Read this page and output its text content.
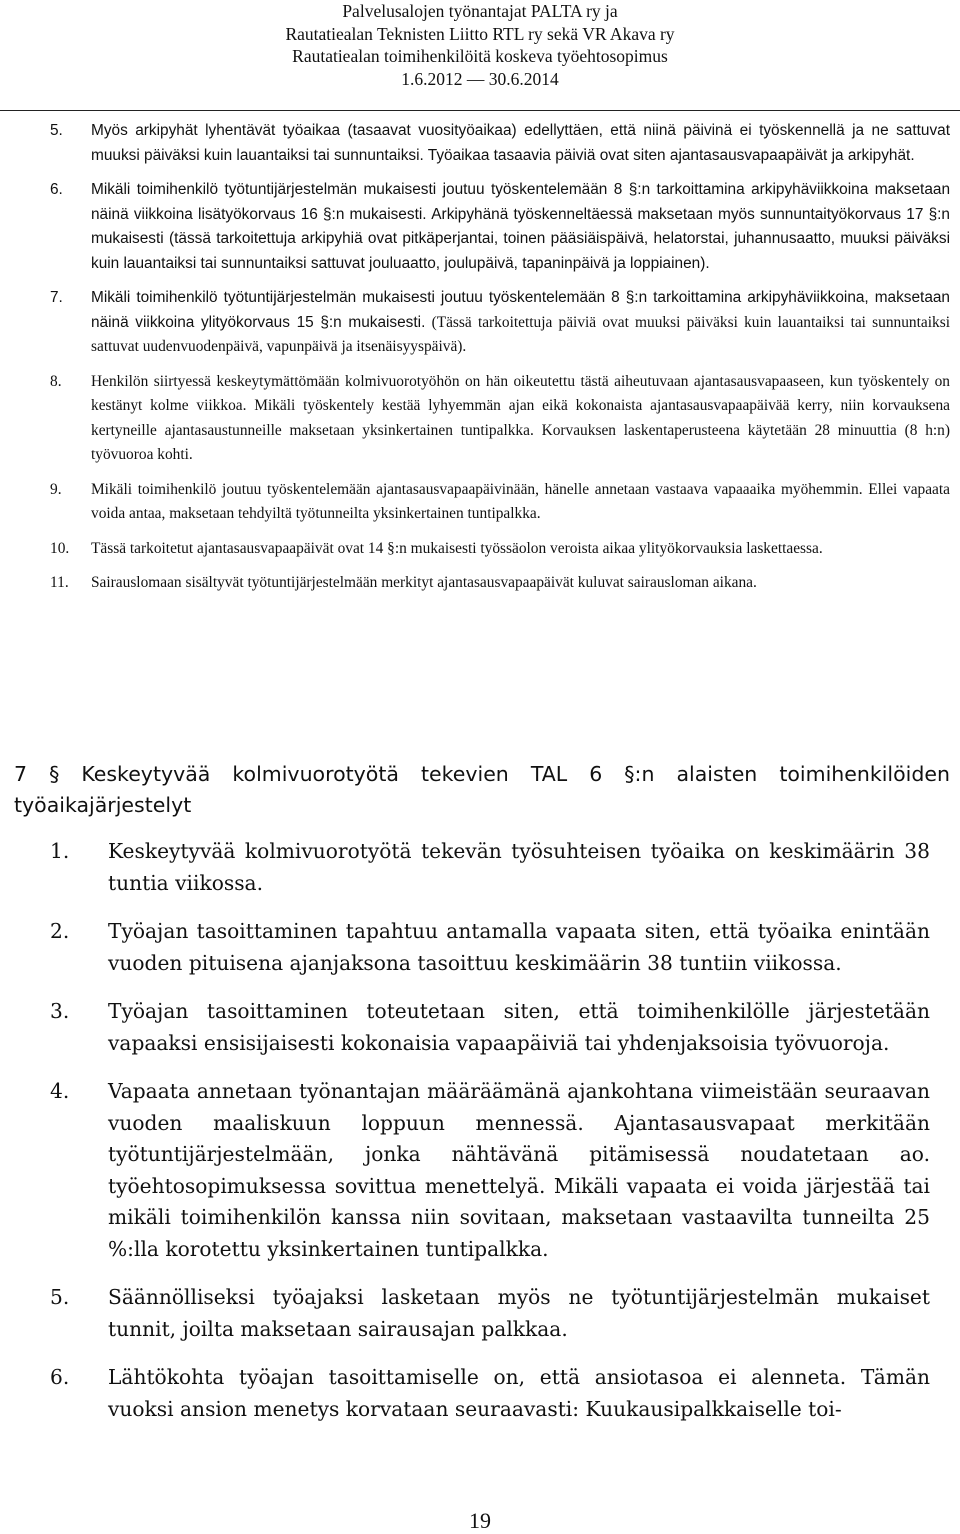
Palvelusalojen työnantajat PALTA ry ja
Rautatiealan Teknisten Liitto RTL ry sekä VR Akava ry
Rautatiealan toimihenkilöitä koskeva työehtosopimus
1.6.2012 ― 30.6.2014
5. Myös arkipyhät lyhentävät työaikaa (tasaavat vuosityöaikaa) edellyttäen, että niinä päivinä ei työskennellä ja ne sattuvat muuksi päiväksi kuin lauantaiksi tai sunnuntaiksi. Työaikaa tasaavia päiviä ovat siten ajantasausvapaapäivät ja arkipyhät.
6. Mikäli toimihenkilö työtuntijärjestelmän mukaisesti joutuu työskentelemään 8 §:n tarkoittamina arkipyhäviikkoina maksetaan näinä viikkoina lisätyökorvaus 16 §:n mukaisesti. Arkipyhänä työskenneltäessä maksetaan myös sunnuntaityökorvaus 17 §:n mukaisesti (tässä tarkoitettuja arkipyhiä ovat pitkäperjantai, toinen pääsiäispäivä, helatorstai, juhannusaatto, muuksi päiväksi kuin lauantaiksi tai sunnuntaiksi sattuvat jouluaatto, joulupäivä, tapaninpäivä ja loppiainen).
7. Mikäli toimihenkilö työtuntijärjestelmän mukaisesti joutuu työskentelemään 8 §:n tarkoittamina arkipyhäviikkoina, maksetaan näinä viikkoina ylityökorvaus 15 §:n mukaisesti. (Tässä tarkoitettuja päiviä ovat muuksi päiväksi kuin lauantaiksi tai sunnuntaiksi sattuvat uudenvuodenpäivä, vapunpäivä ja itsenäisyyspäivä).
8. Henkilön siirtyessä keskeytymättömään kolmivuorotyöhön on hän oikeutettu tästä aiheutuvaan ajantasausvapaaseen, kun työskentely on kestänyt kolme viikkoa. Mikäli työskentely kestää lyhyemmän ajan eikä kokonaista ajantasausvapaapäivää kerry, niin korvauksena kertyneille ajantasaustunneille maksetaan yksinkertainen tuntipalkka. Korvauksen laskentaperusteena käytetään 28 minuuttia (8 h:n) työvuoroa kohti.
9. Mikäli toimihenkilö joutuu työskentelemään ajantasausvapaapäivinään, hänelle annetaan vastaava vapaaaika myöhemmin. Ellei vapaata voida antaa, maksetaan tehdyiltä työtunneilta yksinkertainen tuntipalkka.
10. Tässä tarkoitetut ajantasausvapaapäivät ovat 14 §:n mukaisesti työssäolon veroista aikaa ylityökorvauksia laskettaessa.
11. Sairauslomaan sisältyvät työtuntijärjestelmään merkityt ajantasausvapaapäivät kuluvat sairausloman aikana.
7 § Keskeytyvää kolmivuorotyötä tekevien TAL 6 §:n alaisten toimihenkilöiden työaikajärjestelyt
1. Keskeytyvää kolmivuorotyötä tekevän työsuhteisen työaika on keskimäärin 38 tuntia viikossa.
2. Työajan tasoittaminen tapahtuu antamalla vapaata siten, että työaika enintään vuoden pituisena ajanjaksona tasoittuu keskimäärin 38 tuntiin viikossa.
3. Työajan tasoittaminen toteutetaan siten, että toimihenkilölle järjestetään vapaaksi ensisijaisesti kokonaisia vapaapäiviä tai yhdenjaksoisia työvuoroja.
4. Vapaata annetaan työnantajan määräämänä ajankohtana viimeistään seuraavan vuoden maaliskuun loppuun mennessä. Ajantasausvapaat merkitään työtuntijärjestelmään, jonka nähtävänä pitämisessä noudatetaan ao. työehtosopimuksessa sovittua menettelyä. Mikäli vapaata ei voida järjestää tai mikäli toimihenkilön kanssa niin sovitaan, maksetaan vastaavilta tunneilta 25 %:lla korotettu yksinkertainen tuntipalkka.
5. Säännölliseksi työajaksi lasketaan myös ne työtuntijärjestelmän mukaiset tunnit, joilta maksetaan sairausajan palkkaa.
6. Lähtökohta työajan tasoittamiselle on, että ansiotasoa ei alenneta. Tämän vuoksi ansion menetys korvataan seuraavasti: Kuukausipalkkaiselle toi-
19
